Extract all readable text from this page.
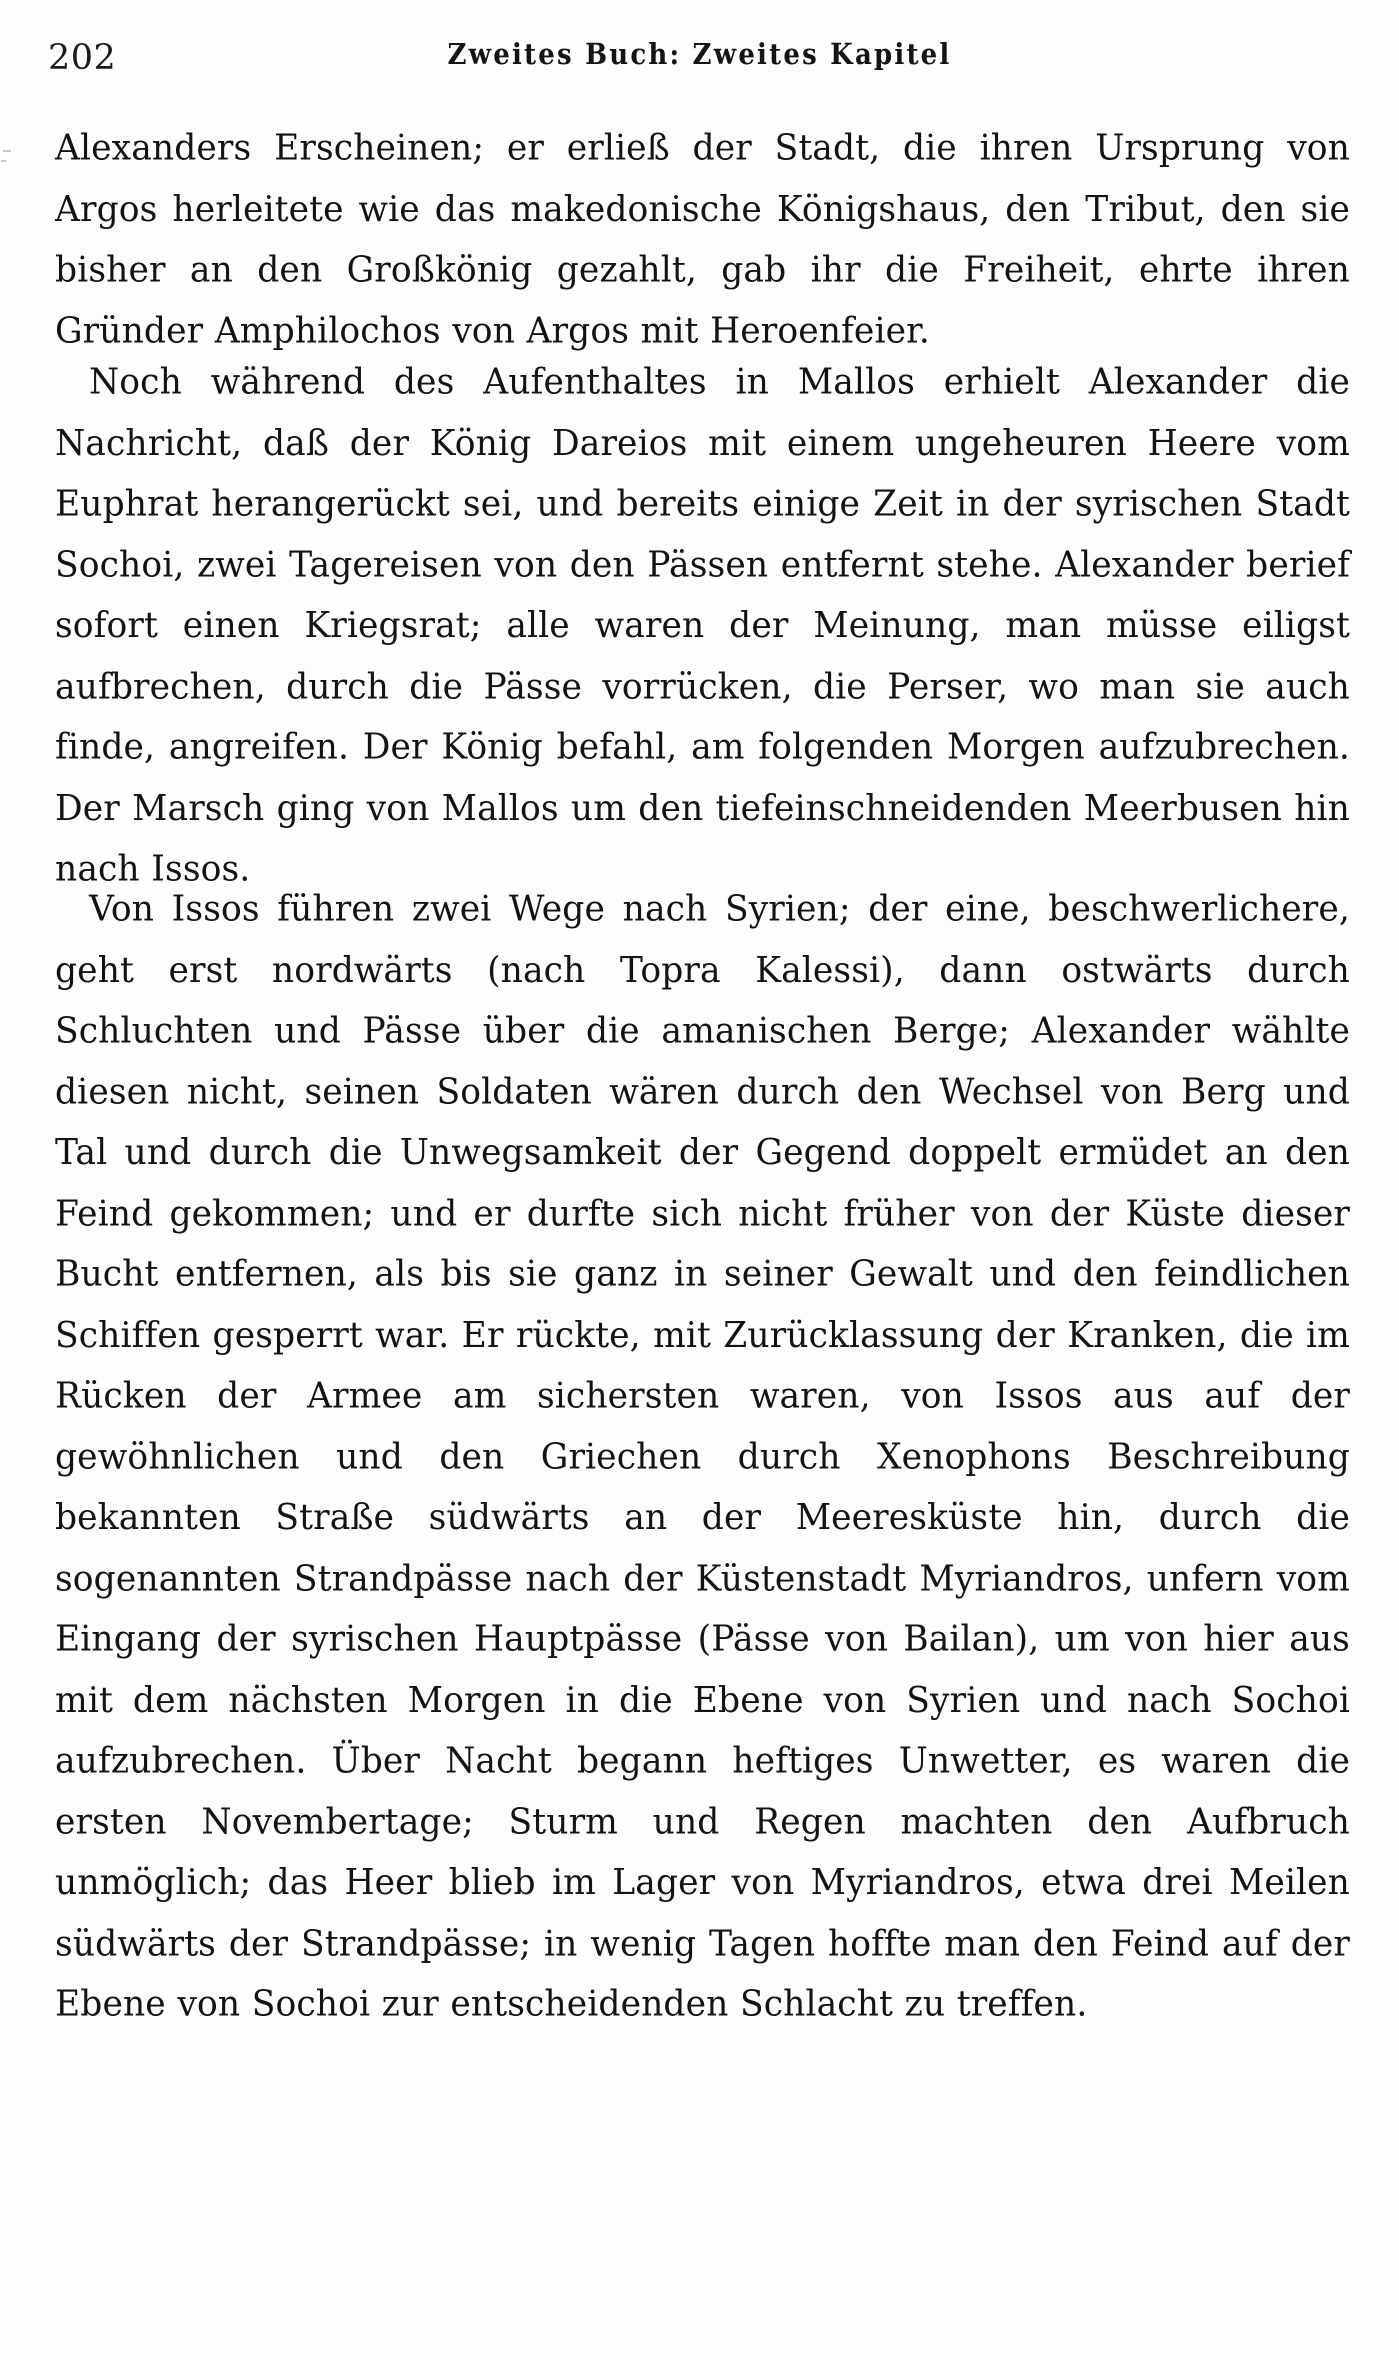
202	Zweites Buch: Zweites Kapitel

Alexanders Erscheinen; er erließ der Stadt, die ihren Ursprung von Argos herleitete wie das makedonische Königshaus, den Tribut, den sie bisher an den Großkönig gezahlt, gab ihr die Freiheit, ehrte ihren Gründer Amphilochos von Argos mit Heroenfeier.

Noch während des Aufenthaltes in Mallos erhielt Alexander die Nachricht, daß der König Dareios mit einem ungeheuren Heere vom Euphrat herangerückt sei, und bereits einige Zeit in der syrischen Stadt Sochoi, zwei Tagereisen von den Pässen entfernt stehe. Alexander berief sofort einen Kriegsrat; alle waren der Meinung, man müsse eiligst aufbrechen, durch die Pässe vorrücken, die Perser, wo man sie auch finde, angreifen. Der König befahl, am folgenden Morgen aufzubrechen. Der Marsch ging von Mallos um den tiefeinschneidenden Meerbusen hin nach Issos.

Von Issos führen zwei Wege nach Syrien; der eine, beschwerlichere, geht erst nordwärts (nach Topra Kalessi), dann ostwärts durch Schluchten und Pässe über die amanischen Berge; Alexander wählte diesen nicht, seinen Soldaten wären durch den Wechsel von Berg und Tal und durch die Unwegsamkeit der Gegend doppelt ermüdet an den Feind gekommen; und er durfte sich nicht früher von der Küste dieser Bucht entfernen, als bis sie ganz in seiner Gewalt und den feindlichen Schiffen gesperrt war. Er rückte, mit Zurücklassung der Kranken, die im Rücken der Armee am sichersten waren, von Issos aus auf der gewöhnlichen und den Griechen durch Xenophons Beschreibung bekannten Straße südwärts an der Meeresküste hin, durch die sogenannten Strandpässe nach der Küstenstadt Myriandros, unfern vom Eingang der syrischen Hauptpässe (Pässe von Bailan), um von hier aus mit dem nächsten Morgen in die Ebene von Syrien und nach Sochoi aufzubrechen. Über Nacht begann heftiges Unwetter, es waren die ersten Novembertage; Sturm und Regen machten den Aufbruch unmöglich; das Heer blieb im Lager von Myriandros, etwa drei Meilen südwärts der Strandpässe; in wenig Tagen hoffte man den Feind auf der Ebene von Sochoi zur entscheidenden Schlacht zu treffen.
